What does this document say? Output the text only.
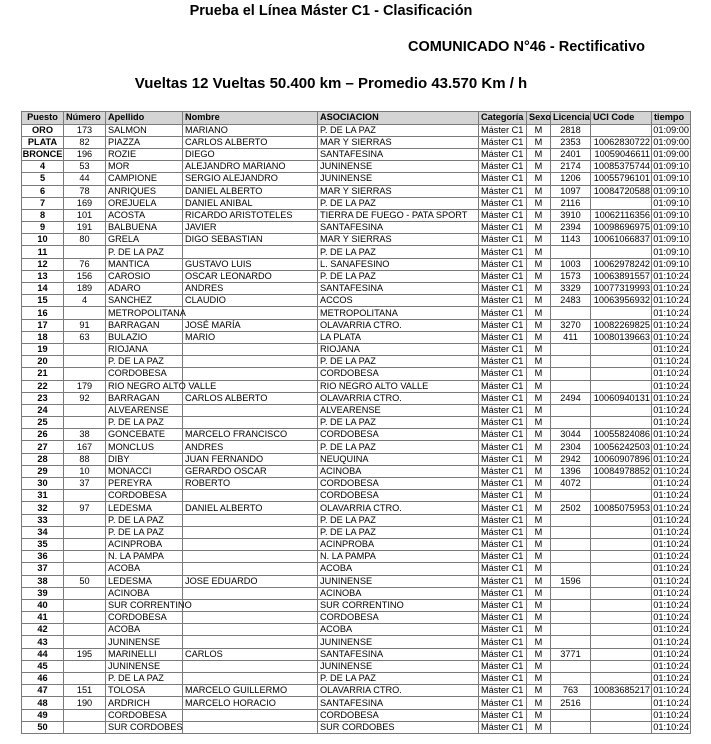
Prueba el Línea Máster C1 - Clasificación
COMUNICADO N°46 - Rectificativo
Vueltas 12 Vueltas 50.400 km – Promedio 43.570 Km / h
Puesto	Número	Apellido	Nombre	ASOCIACION	Categoría	Sexo	Licencia	UCI Code	tiempo
ORO	173	SALMON	MARIANO	P. DE LA PAZ	Máster C1	M	2818		01:09:00
PLATA	82	PIAZZA	CARLOS ALBERTO	MAR Y SIERRAS	Máster C1	M	2353	10062830722	01:09:00
BRONCE	196	ROZIE	DIEGO	SANTAFESINA	Máster C1	M	2401	10059046611	01:09:00
4	53	MOR	ALEJANDRO MARIANO	JUNINENSE	Máster C1	M	2174	10085375744	01:09:10
5	44	CAMPIONE	SERGIO ALEJANDRO	JUNINENSE	Máster C1	M	1206	10055796101	01:09:10
6	78	ANRIQUES	DANIEL ALBERTO	MAR Y SIERRAS	Máster C1	M	1097	10084720588	01:09:10
7	169	OREJUELA	DANIEL ANIBAL	P. DE LA PAZ	Máster C1	M	2116		01:09:10
8	101	ACOSTA	RICARDO ARISTOTELES	TIERRA DE FUEGO - PATA SPORT	Máster C1	M	3910	10062116356	01:09:10
9	191	BALBUENA	JAVIER	SANTAFESINA	Máster C1	M	2394	10098696975	01:09:10
10	80	GRELA	DIGO SEBASTIAN	MAR Y SIERRAS	Máster C1	M	1143	10061066837	01:09:10
11		P. DE LA PAZ		P. DE LA PAZ	Máster C1	M			01:09:10
12	76	MANTICA	GUSTAVO LUIS	L. SANAFESINO	Máster C1	M	1003	10062978242	01:09:10
13	156	CAROSIO	OSCAR LEONARDO	P. DE LA PAZ	Máster C1	M	1573	10063891557	01:10:24
14	189	ADARO	ANDRES	SANTAFESINA	Máster C1	M	3329	10077319993	01:10:24
15	4	SANCHEZ	CLAUDIO	ACCOS	Máster C1	M	2483	10063956932	01:10:24
16		METROPOLITANA		METROPOLITANA	Máster C1	M			01:10:24
17	91	BARRAGAN	JOSÉ MARÍA	OLAVARRIA CTRO.	Máster C1	M	3270	10082269825	01:10:24
18	63	BULAZIO	MARIO	LA PLATA	Máster C1	M	411	10080139663	01:10:24
19		RIOJANA		RIOJANA	Máster C1	M			01:10:24
20		P. DE LA PAZ		P. DE LA PAZ	Máster C1	M			01:10:24
21		CORDOBESA		CORDOBESA	Máster C1	M			01:10:24
22	179	RIO NEGRO ALTO VALLE		RIO NEGRO ALTO VALLE	Máster C1	M			01:10:24
23	92	BARRAGAN	CARLOS ALBERTO	OLAVARRIA CTRO.	Máster C1	M	2494	10060940131	01:10:24
24		ALVEARENSE		ALVEARENSE	Máster C1	M			01:10:24
25		P. DE LA PAZ		P. DE LA PAZ	Máster C1	M			01:10:24
26	38	GONCEBATE	MARCELO FRANCISCO	CORDOBESA	Máster C1	M	3044	10055824086	01:10:24
27	167	MONCLUS	ANDRES	P. DE LA PAZ	Máster C1	M	2304	10056242503	01:10:24
28	88	DIBY	JUAN FERNANDO	NEUQUINA	Máster C1	M	2942	10060907896	01:10:24
29	10	MONACCI	GERARDO OSCAR	ACINOBA	Máster C1	M	1396	10084978852	01:10:24
30	37	PEREYRA	ROBERTO	CORDOBESA	Máster C1	M	4072		01:10:24
31		CORDOBESA		CORDOBESA	Máster C1	M			01:10:24
32	97	LEDESMA	DANIEL ALBERTO	OLAVARRIA CTRO.	Máster C1	M	2502	10085075953	01:10:24
33		P. DE LA PAZ		P. DE LA PAZ	Máster C1	M			01:10:24
34		P. DE LA PAZ		P. DE LA PAZ	Máster C1	M			01:10:24
35		ACINPROBA		ACINPROBA	Máster C1	M			01:10:24
36		N. LA PAMPA		N. LA PAMPA	Máster C1	M			01:10:24
37		ACOBA		ACOBA	Máster C1	M			01:10:24
38	50	LEDESMA	JOSE EDUARDO	JUNINENSE	Máster C1	M	1596		01:10:24
39		ACINOBA		ACINOBA	Máster C1	M			01:10:24
40		SUR CORRENTINO		SUR CORRENTINO	Máster C1	M			01:10:24
41		CORDOBESA		CORDOBESA	Máster C1	M			01:10:24
42		ACOBA		ACOBA	Máster C1	M			01:10:24
43		JUNINENSE		JUNINENSE	Máster C1	M			01:10:24
44	195	MARINELLI	CARLOS	SANTAFESINA	Máster C1	M	3771		01:10:24
45		JUNINENSE		JUNINENSE	Máster C1	M			01:10:24
46		P. DE LA PAZ		P. DE LA PAZ	Máster C1	M			01:10:24
47	151	TOLOSA	MARCELO GUILLERMO	OLAVARRIA CTRO.	Máster C1	M	763	10083685217	01:10:24
48	190	ARDRICH	MARCELO HORACIO	SANTAFESINA	Máster C1	M	2516		01:10:24
49		CORDOBESA		CORDOBESA	Máster C1	M			01:10:24
50		SUR CORDOBES		SUR CORDOBES	Máster C1	M			01:10:24
